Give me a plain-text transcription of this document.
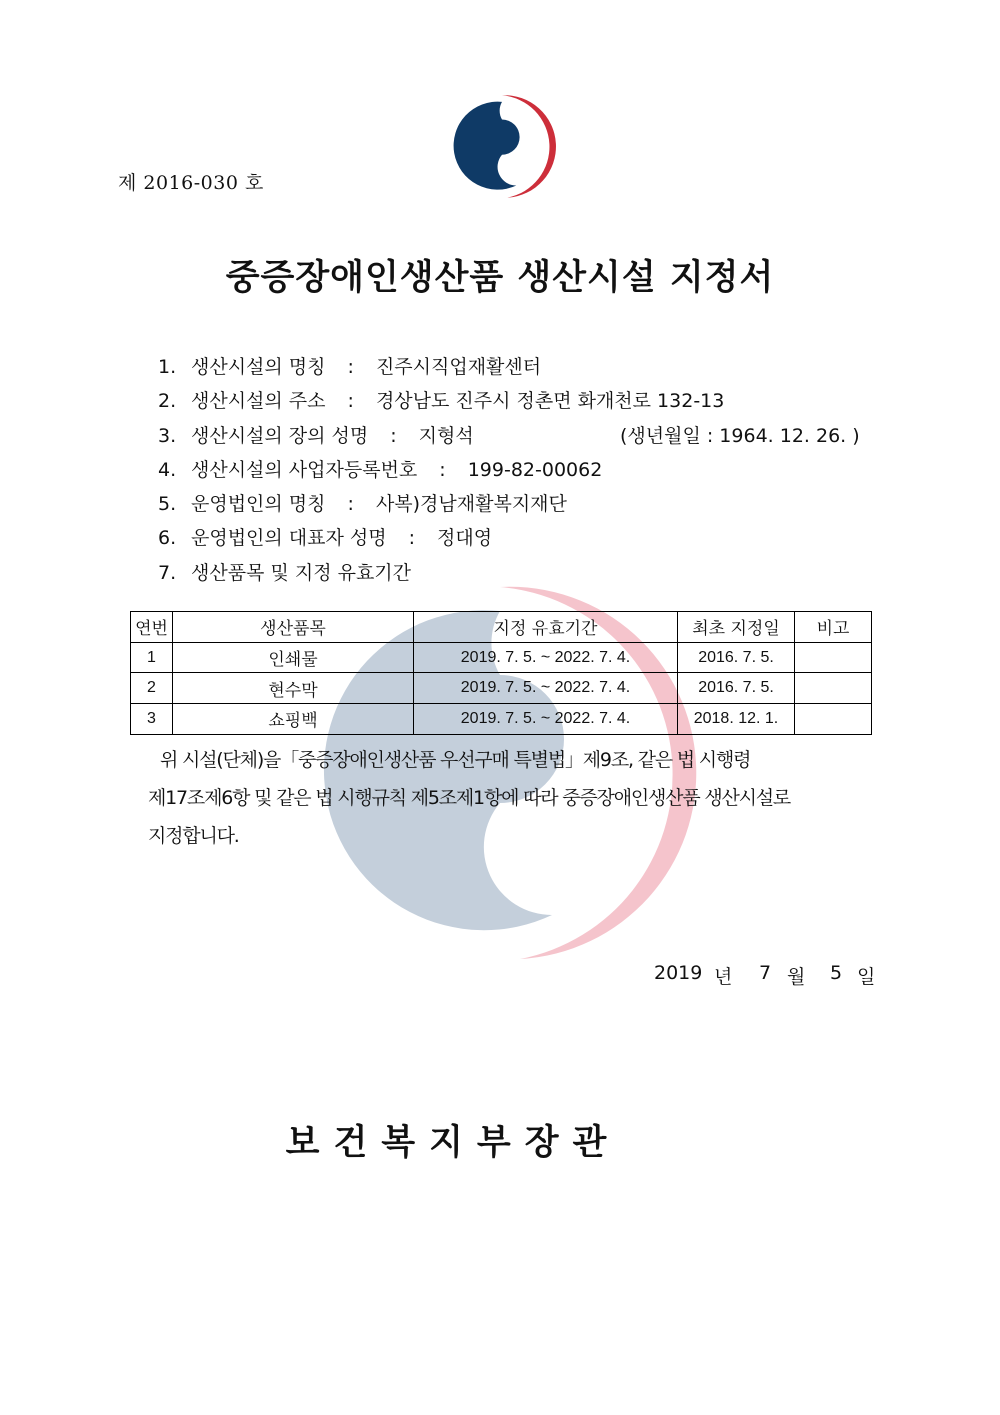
제 2016-030 호
중증장애인생산품 생산시설 지정서
1. 생산시설의 명칭 : 진주시직업재활센터
2. 생산시설의 주소 : 경상남도 진주시 정촌면 화개천로 132-13
3. 생산시설의 장의 성명 : 지형석	(생년월일 : 1964. 12. 26. )
4. 생산시설의 사업자등록번호 : 199-82-00062
5. 운영법인의 명칭 : 사복)경남재활복지재단
6. 운영법인의 대표자 성명 : 정대영
7. 생산품목 및 지정 유효기간
연번	생산품목	지정 유효기간	최초 지정일	비고
1	인쇄물	2019. 7. 5. ~ 2022. 7. 4.	2016. 7. 5.	
2	현수막	2019. 7. 5. ~ 2022. 7. 4.	2016. 7. 5.	
3	쇼핑백	2019. 7. 5. ~ 2022. 7. 4.	2018. 12. 1.	

위 시설(단체)을「중증장애인생산품 우선구매 특별법」제9조, 같은 법 시행령

제17조제6항 및 같은 법 시행규칙 제5조제1항에 따라 중증장애인생산품 생산시설로

지정합니다.

2019 년 7 월 5 일
보건복지부장관
